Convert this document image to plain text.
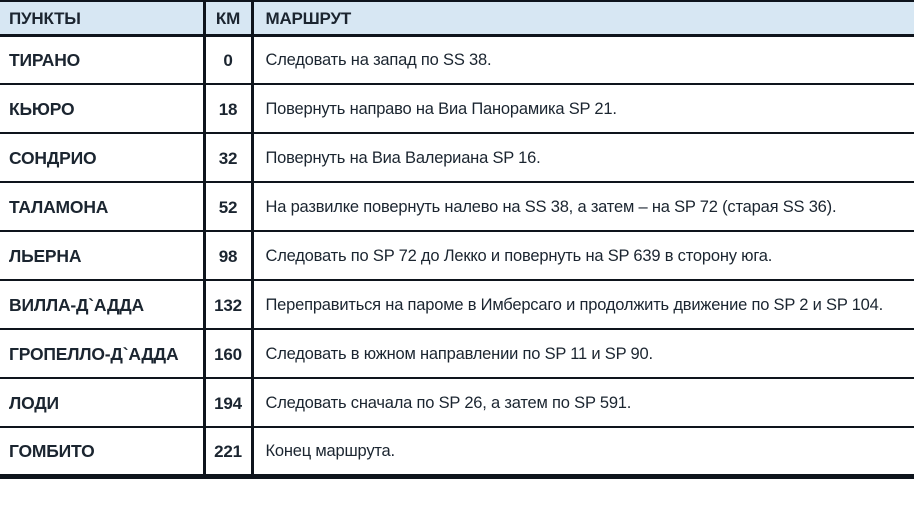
ПУНКТЫ	КМ	МАРШРУТ
ТИРАНО	0	Следовать на запад по SS 38.
КЬЮРО	18	Повернуть направо на Виа Панорамика SP 21.
СОНДРИО	32	Повернуть на Виа Валериана SP 16.
ТАЛАМОНА	52	На развилке повернуть налево на SS 38, а затем – на SP 72 (старая SS 36).
ЛЬЕРНА	98	Следовать по SP 72 до Лекко и повернуть на SP 639 в сторону юга.
ВИЛЛА-Д`АДДА	132	Переправиться на пароме в Имберсаго и продолжить движение по SP 2 и SP 104.
ГРОПЕЛЛО-Д`АДДА	160	Следовать в южном направлении по SP 11 и SP 90.
ЛОДИ	194	Следовать сначала по SP 26, а затем по SP 591.
ГОМБИТО	221	Конец маршрута.
